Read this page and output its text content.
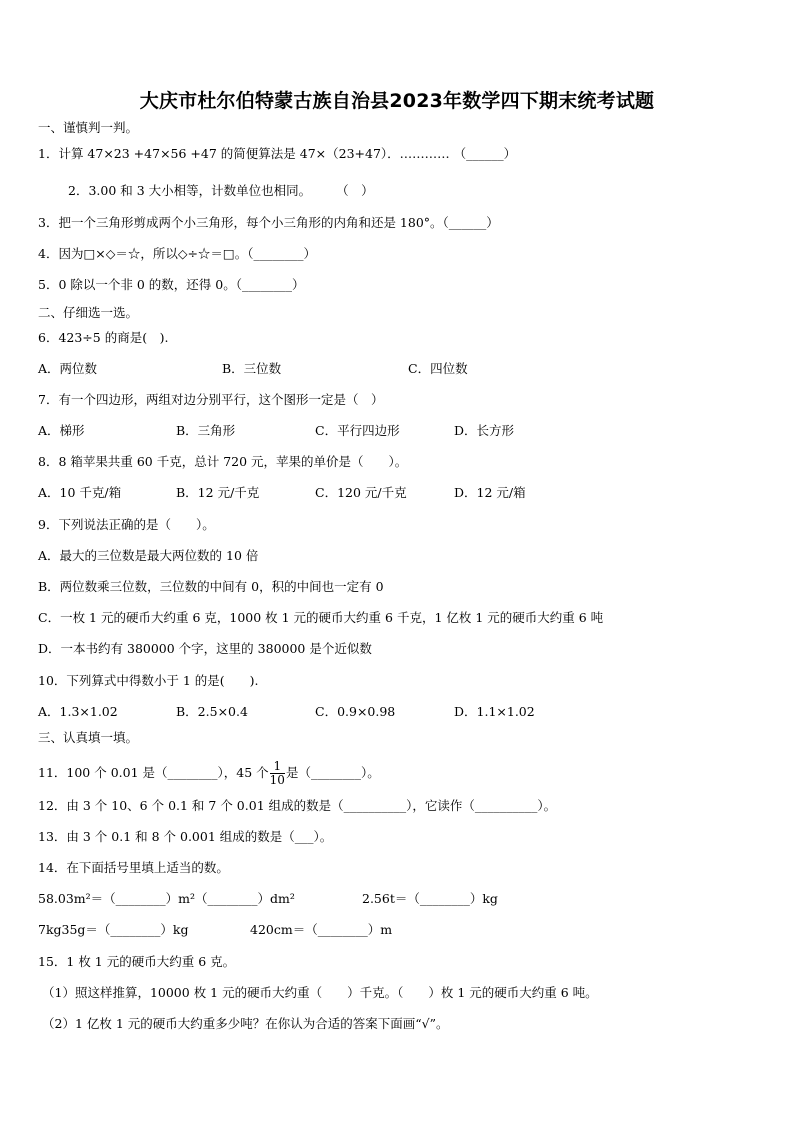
大庆市杜尔伯特蒙古族自治县2023年数学四下期末统考试题
一、谨慎判一判。
1．计算 47×23 +47×56 +47 的简便算法是 47×（23+47）．………… （______）
2．3.00 和 3 大小相等，计数单位也相同。　　　（　）
3．把一个三角形剪成两个小三角形，每个小三角形的内角和还是 180°。（______）
4．因为□×◇＝☆，所以◇÷☆＝□。（________）
5．0 除以一个非 0 的数，还得 0。（________）
二、仔细选一选。
6．423÷5 的商是(　).
A．两位数	B．三位数	C．四位数
7．有一个四边形，两组对边分别平行，这个图形一定是（　）
A．梯形	B．三角形	C．平行四边形	D．长方形
8．8 箱苹果共重 60 千克，总计 720 元，苹果的单价是（　　）。
A．10 千克/箱	B．12 元/千克	C．120 元/千克	D．12 元/箱
9．下列说法正确的是（　　）。
A．最大的三位数是最大两位数的 10 倍
B．两位数乘三位数，三位数的中间有 0，积的中间也一定有 0
C．一枚 1 元的硬币大约重 6 克，1000 枚 1 元的硬币大约重 6 千克，1 亿枚 1 元的硬币大约重 6 吨
D．一本书约有 380000 个字，这里的 380000 是个近似数
10．下列算式中得数小于 1 的是(　　).
A．1.3×1.02	B．2.5×0.4	C．0.9×0.98	D．1.1×1.02
三、认真填一填。
11．100 个 0.01 是（________），45 个 $\frac{1}{10}$ 是（________）。
12．由 3 个 10、6 个 0.1 和 7 个 0.01 组成的数是（__________），它读作（__________）。
13．由 3 个 0.1 和 8 个 0.001 组成的数是（___）。
14．在下面括号里填上适当的数。
58.03m²＝（________）m²（________）dm²	2.56t＝（________）kg
7kg35g＝（________）kg	420cm＝（________）m
15．1 枚 1 元的硬币大约重 6 克。
（1）照这样推算，10000 枚 1 元的硬币大约重（　　）千克。（　　）枚 1 元的硬币大约重 6 吨。
（2）1 亿枚 1 元的硬币大约重多少吨？在你认为合适的答案下面画“√”。
